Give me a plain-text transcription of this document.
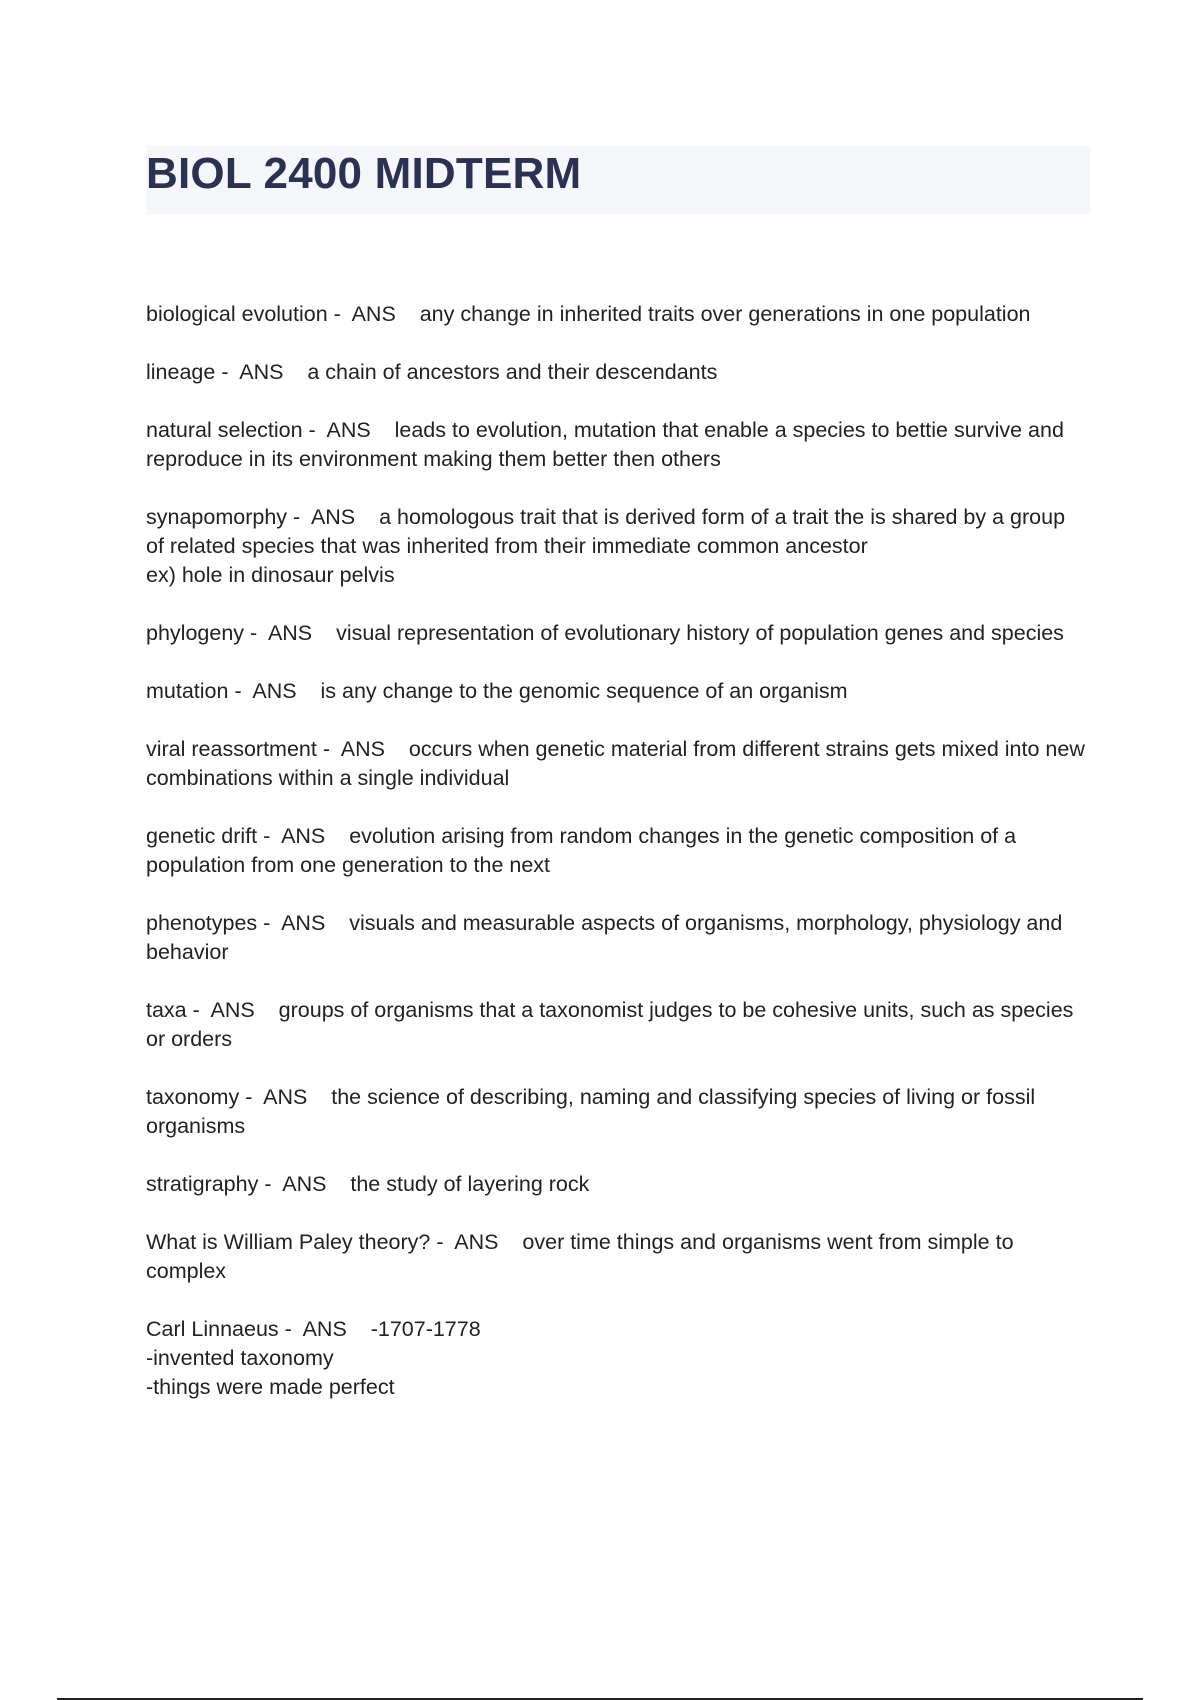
BIOL 2400 MIDTERM

biological evolution -  ANS any change in inherited traits over generations in one population

lineage -  ANS a chain of ancestors and their descendants

natural selection -  ANS leads to evolution, mutation that enable a species to bettie survive and reproduce in its environment making them better then others

synapomorphy -  ANS a homologous trait that is derived form of a trait the is shared by a group of related species that was inherited from their immediate common ancestor
ex) hole in dinosaur pelvis

phylogeny -  ANS visual representation of evolutionary history of population genes and species

mutation -  ANS is any change to the genomic sequence of an organism

viral reassortment -  ANS occurs when genetic material from different strains gets mixed into new combinations within a single individual

genetic drift -  ANS evolution arising from random changes in the genetic composition of a population from one generation to the next

phenotypes -  ANS visuals and measurable aspects of organisms, morphology, physiology and behavior

taxa -  ANS groups of organisms that a taxonomist judges to be cohesive units, such as species or orders

taxonomy -  ANS the science of describing, naming and classifying species of living or fossil organisms

stratigraphy -  ANS the study of layering rock

What is William Paley theory? -  ANS over time things and organisms went from simple to complex

Carl Linnaeus -  ANS -1707-1778
-invented taxonomy
-things were made perfect
